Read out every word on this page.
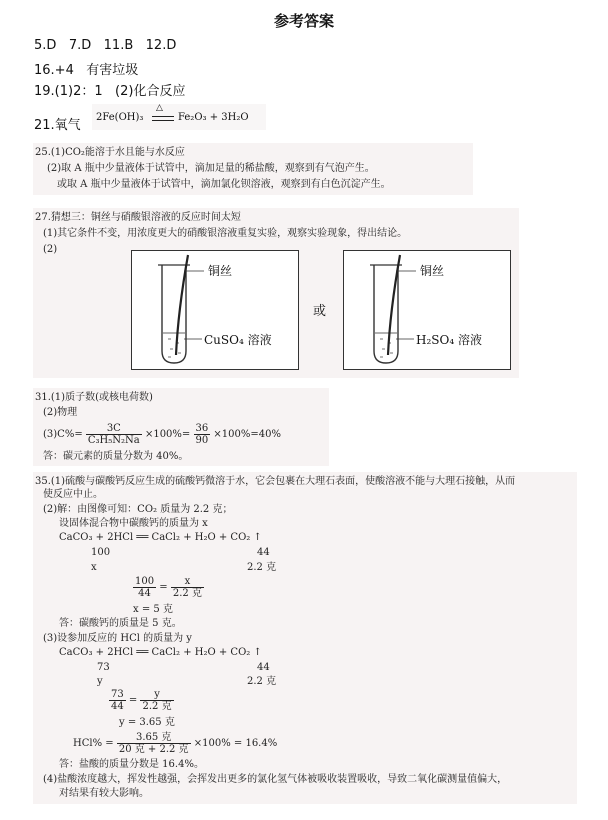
参考答案
5.D 7.D 11.B 12.D
16.+4 有害垃圾
19.(1)2：1 (2)化合反应
21.氧气
2Fe(OH)₃
△
Fe₂O₃ + 3H₂O
25.(1)CO₂能溶于水且能与水反应
(2)取 A 瓶中少量液体于试管中，滴加足量的稀盐酸，观察到有气泡产生。
或取 A 瓶中少量液体于试管中，滴加氯化钡溶液，观察到有白色沉淀产生。
27.猜想三：铜丝与硝酸银溶液的反应时间太短
(1)其它条件不变，用浓度更大的硝酸银溶液重复实验，观察实验现象，得出结论。
(2)
铜丝
CuSO₄ 溶液
或
铜丝
H₂SO₄ 溶液
31.(1)质子数(或核电荷数)
(2)物理
$(3)C\%= \frac{3C}{\text{C₃H₅N₂Na}} \times 100\%= \frac{36}{90} \times 100\%=40\%$
答：碳元素的质量分数为 40%。
35.(1)硫酸与碳酸钙反应生成的硫酸钙微溶于水，它会包裹在大理石表面，使酸溶液不能与大理石接触，从而
使反应中止。
(2)解：由图像可知：CO₂ 质量为 2.2 克；
设固体混合物中碳酸钙的质量为 x
CaCO₃ + 2HCl ══ CaCl₂ + H₂O + CO₂ ↑
100	44
x	2.2 克
$\frac{100}{44} = \frac{x}{\text{2.2 克}}$
x = 5 克
答：碳酸钙的质量是 5 克。
(3)设参加反应的 HCl 的质量为 y
CaCO₃ + 2HCl ══ CaCl₂ + H₂O + CO₂ ↑
73	44
y	2.2 克
$\frac{73}{44} = \frac{y}{\text{2.2 克}}$
y = 3.65 克
$HCl\% = \frac{\text{3.65 克}}{\text{20 克 + 2.2 克}} \times 100\% = 16.4\%$
答：盐酸的质量分数是 16.4%。
(4)盐酸浓度越大，挥发性越强，会挥发出更多的氯化氢气体被吸收装置吸收，导致二氧化碳测量值偏大，
对结果有较大影响。
